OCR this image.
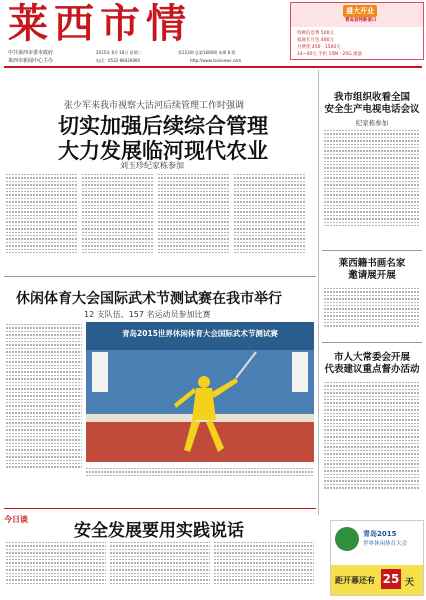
莱西市情
中共莱西市委市政府
莱西市新闻中心主办
2015年 8月 18日 星期二	第123期 总第1606期 本期 8 版
电话：0532-88426969	http://www.laixinews.com
盛大开业
青岛首特新香口
特种信息费 500元
家庭长月包 480元
月费优 450 · 1500元
14~40元 手机 15M · 20G 流量
张少军来我市视察大沽河后续管理工作时强调
切实加强后续综合管理
大力发展临河现代农业
刘玉珍纪家栋参加
我市组织收看全国
安全生产电视电话会议
纪家栋参加
莱西籍书画名家
邀请展开展
市人大常委会开展
代表建议重点督办活动
休闲体育大会国际武术节测试赛在我市举行
12 支队伍、157 名运动员参加比赛
青岛2015世界休闲体育大会国际武术节测试赛
今日谈
安全发展要用实践说话	青岛2015
世界休闲体育大会
距开幕还有 25 天
